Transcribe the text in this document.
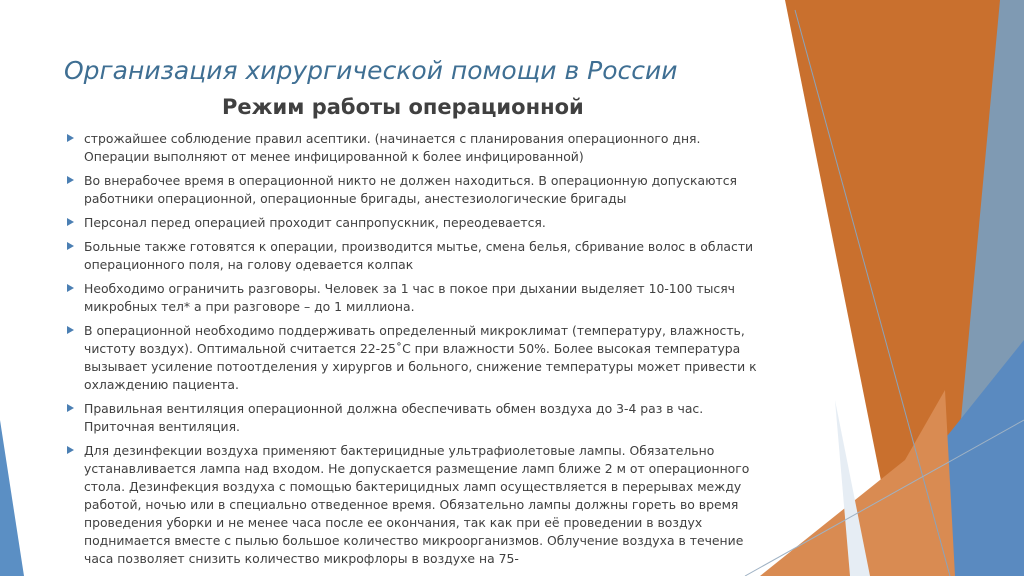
Организация хирургической помощи в России
Режим работы операционной
строжайшее соблюдение правил асептики. (начинается с планирования операционного дня. Операции выполняют от менее инфицированной к более инфицированной)
Во внерабочее время в операционной никто не должен находиться. В операционную допускаются работники операционной, операционные бригады, анестезиологические бригады
Персонал перед операцией проходит санпропускник, переодевается.
Больные также готовятся к операции, производится мытье, смена белья, сбривание волос в области операционного поля, на голову одевается колпак
Необходимо ограничить разговоры. Человек за 1 час в покое при дыхании выделяет 10-100 тысяч микробных тел* а при разговоре – до 1 миллиона.
В операционной необходимо поддерживать определенный микроклимат (температуру, влажность, чистоту воздух). Оптимальной считается 22-25˚С при влажности 50%. Более высокая температура вызывает усиление потоотделения у хирургов и больного, снижение температуры может привести к охлаждению пациента.
Правильная вентиляция операционной должна обеспечивать обмен воздуха до 3-4 раз в час. Приточная вентиляция.
Для дезинфекции воздуха применяют бактерицидные ультрафиолетовые лампы. Обязательно устанавливается лампа над входом. Не допускается размещение ламп ближе 2 м от операционного стола. Дезинфекция воздуха с помощью бактерицидных ламп осуществляется в перерывах между работой, ночью или в специально отведенное время. Обязательно лампы должны гореть во время проведения уборки и не менее часа после ее окончания, так как при её проведении в воздух поднимается вместе с пылью большое количество микроорганизмов. Облучение воздуха в течение часа позволяет снизить количество микрофлоры в воздухе на 75-
